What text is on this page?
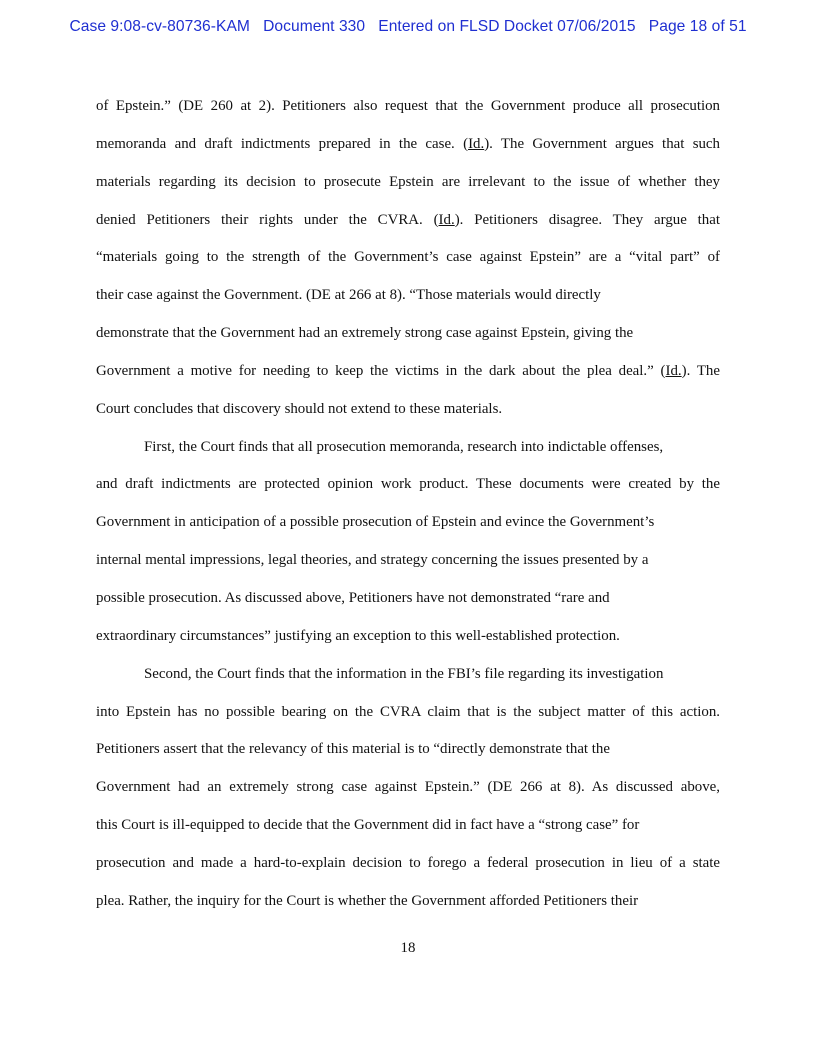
Case 9:08-cv-80736-KAM   Document 330   Entered on FLSD Docket 07/06/2015   Page 18 of 51
of Epstein.” (DE 260 at 2). Petitioners also request that the Government produce all prosecution
memoranda and draft indictments prepared in the case. (Id.). The Government argues that such
materials regarding its decision to prosecute Epstein are irrelevant to the issue of whether they
denied Petitioners their rights under the CVRA. (Id.). Petitioners disagree. They argue that
“materials going to the strength of the Government’s case against Epstein” are a “vital part” of
their case against the Government. (DE at 266 at 8). “Those materials would directly
demonstrate that the Government had an extremely strong case against Epstein, giving the
Government a motive for needing to keep the victims in the dark about the plea deal.” (Id.). The
Court concludes that discovery should not extend to these materials.
First, the Court finds that all prosecution memoranda, research into indictable offenses,
and draft indictments are protected opinion work product. These documents were created by the
Government in anticipation of a possible prosecution of Epstein and evince the Government’s
internal mental impressions, legal theories, and strategy concerning the issues presented by a
possible prosecution. As discussed above, Petitioners have not demonstrated “rare and
extraordinary circumstances” justifying an exception to this well-established protection.
Second, the Court finds that the information in the FBI’s file regarding its investigation
into Epstein has no possible bearing on the CVRA claim that is the subject matter of this action.
Petitioners assert that the relevancy of this material is to “directly demonstrate that the
Government had an extremely strong case against Epstein.” (DE 266 at 8). As discussed above,
this Court is ill-equipped to decide that the Government did in fact have a “strong case” for
prosecution and made a hard-to-explain decision to forego a federal prosecution in lieu of a state
plea. Rather, the inquiry for the Court is whether the Government afforded Petitioners their
18
